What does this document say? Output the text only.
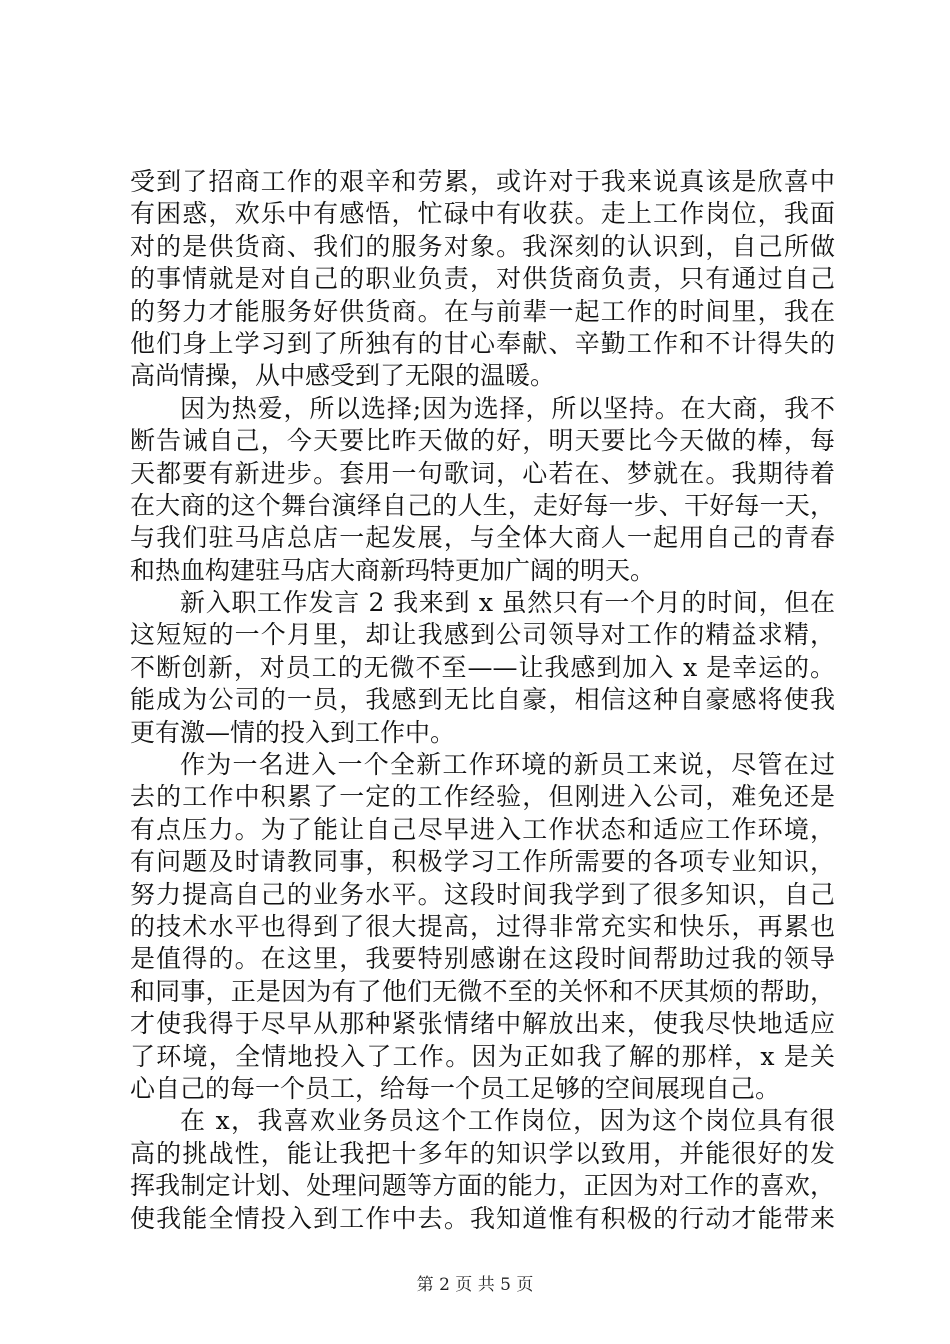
受到了招商工作的艰辛和劳累，或许对于我来说真该是欣喜中
有困惑，欢乐中有感悟，忙碌中有收获。走上工作岗位，我面
对的是供货商、我们的服务对象。我深刻的认识到，自己所做
的事情就是对自己的职业负责，对供货商负责，只有通过自己
的努力才能服务好供货商。在与前辈一起工作的时间里，我在
他们身上学习到了所独有的甘心奉献、辛勤工作和不计得失的
高尚情操，从中感受到了无限的温暖。
因为热爱，所以选择;因为选择，所以坚持。在大商，我不
断告诫自己，今天要比昨天做的好，明天要比今天做的棒，每
天都要有新进步。套用一句歌词，心若在、梦就在。我期待着
在大商的这个舞台演绎自己的人生，走好每一步、干好每一天，
与我们驻马店总店一起发展，与全体大商人一起用自己的青春
和热血构建驻马店大商新玛特更加广阔的明天。
新入职工作发言 2 我来到 x 虽然只有一个月的时间，但在
这短短的一个月里，却让我感到公司领导对工作的精益求精，
不断创新，对员工的无微不至——让我感到加入 x 是幸运的。
能成为公司的一员，我感到无比自豪，相信这种自豪感将使我
更有激—情的投入到工作中。
作为一名进入一个全新工作环境的新员工来说，尽管在过
去的工作中积累了一定的工作经验，但刚进入公司，难免还是
有点压力。为了能让自己尽早进入工作状态和适应工作环境，
有问题及时请教同事，积极学习工作所需要的各项专业知识，
努力提高自己的业务水平。这段时间我学到了很多知识，自己
的技术水平也得到了很大提高，过得非常充实和快乐，再累也
是值得的。在这里，我要特别感谢在这段时间帮助过我的领导
和同事，正是因为有了他们无微不至的关怀和不厌其烦的帮助，
才使我得于尽早从那种紧张情绪中解放出来，使我尽快地适应
了环境，全情地投入了工作。因为正如我了解的那样，x 是关
心自己的每一个员工，给每一个员工足够的空间展现自己。
在 x，我喜欢业务员这个工作岗位，因为这个岗位具有很
高的挑战性，能让我把十多年的知识学以致用，并能很好的发
挥我制定计划、处理问题等方面的能力，正因为对工作的喜欢，
使我能全情投入到工作中去。我知道惟有积极的行动才能带来
第 2 页 共 5 页
